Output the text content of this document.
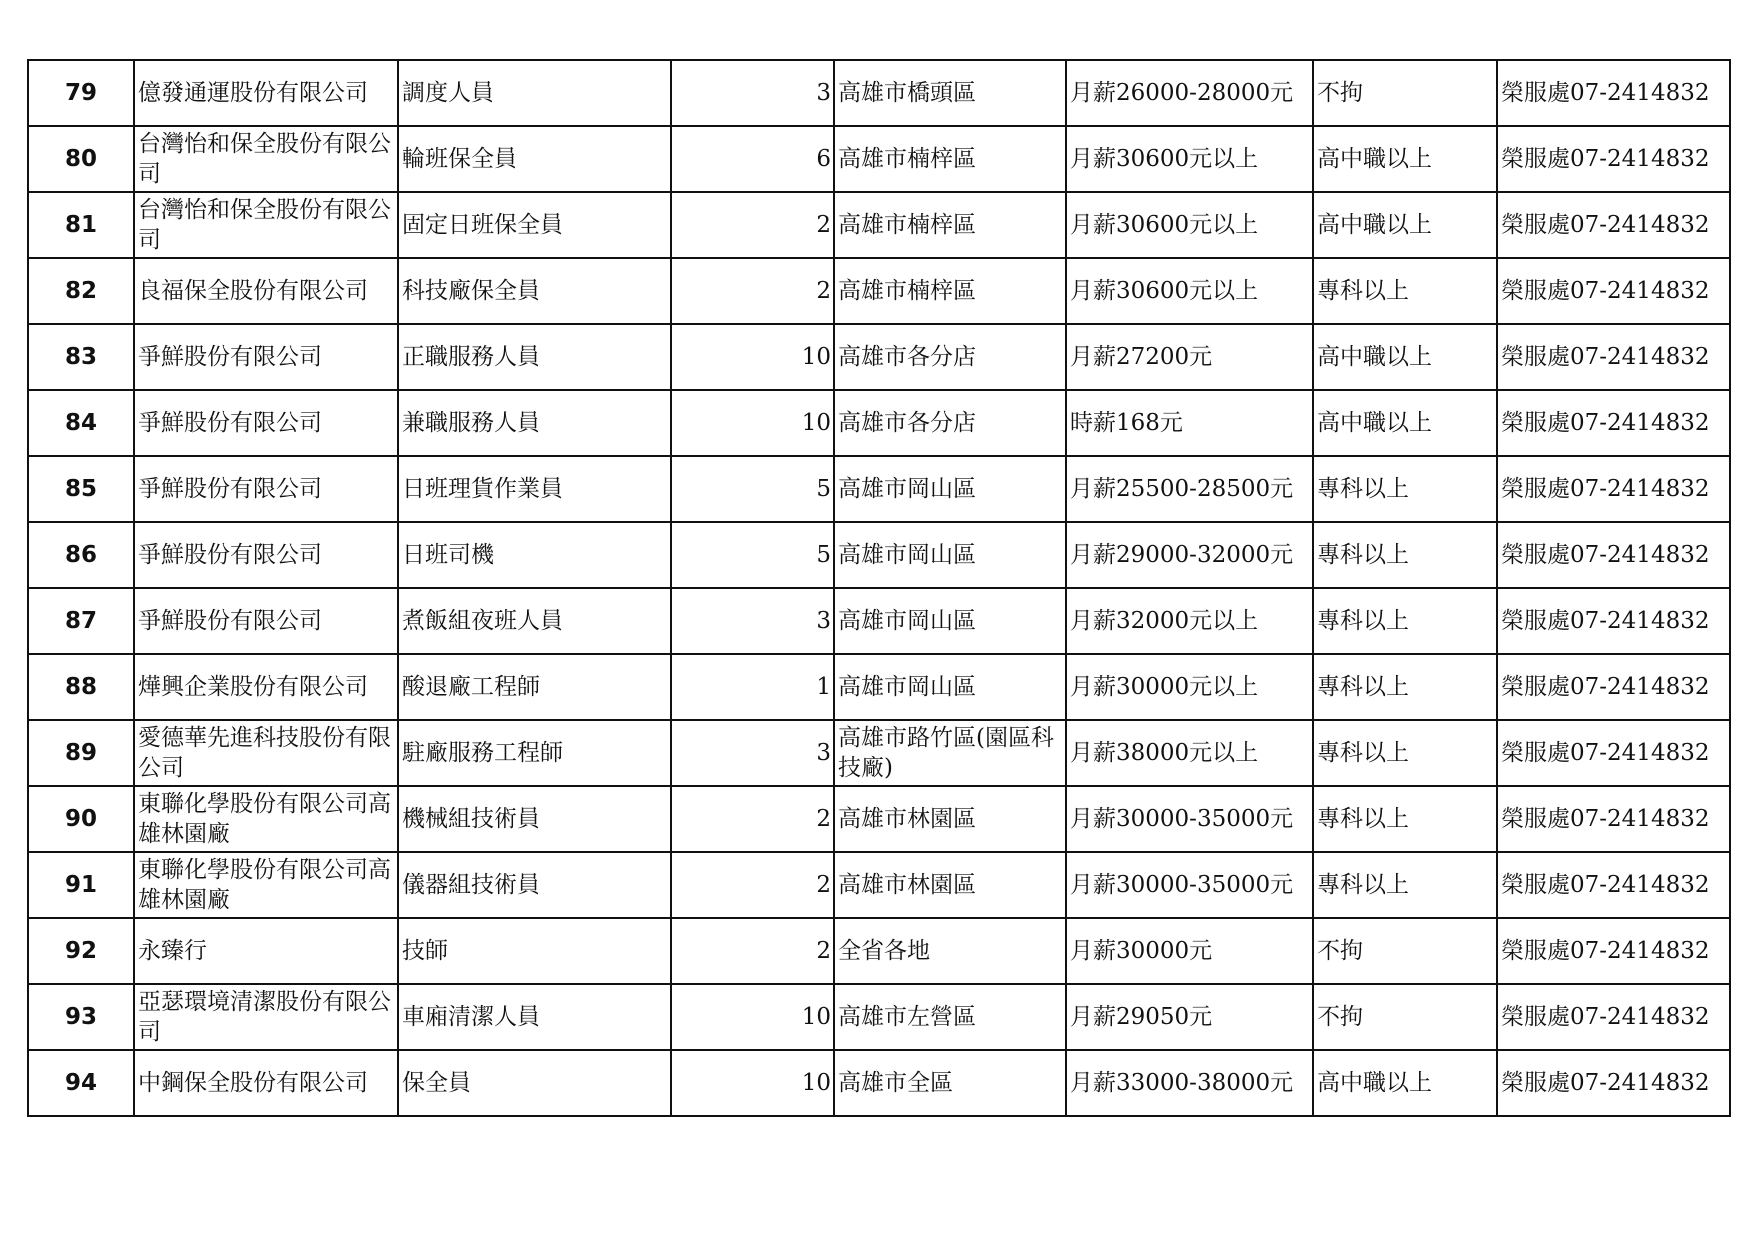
79	億發通運股份有限公司	調度人員	3	高雄市橋頭區	月薪26000-28000元	不拘	榮服處07-2414832
80	台灣怡和保全股份有限公司	輪班保全員	6	高雄市楠梓區	月薪30600元以上	高中職以上	榮服處07-2414832
81	台灣怡和保全股份有限公司	固定日班保全員	2	高雄市楠梓區	月薪30600元以上	高中職以上	榮服處07-2414832
82	良福保全股份有限公司	科技廠保全員	2	高雄市楠梓區	月薪30600元以上	專科以上	榮服處07-2414832
83	爭鮮股份有限公司	正職服務人員	10	高雄市各分店	月薪27200元	高中職以上	榮服處07-2414832
84	爭鮮股份有限公司	兼職服務人員	10	高雄市各分店	時薪168元	高中職以上	榮服處07-2414832
85	爭鮮股份有限公司	日班理貨作業員	5	高雄市岡山區	月薪25500-28500元	專科以上	榮服處07-2414832
86	爭鮮股份有限公司	日班司機	5	高雄市岡山區	月薪29000-32000元	專科以上	榮服處07-2414832
87	爭鮮股份有限公司	煮飯組夜班人員	3	高雄市岡山區	月薪32000元以上	專科以上	榮服處07-2414832
88	燁興企業股份有限公司	酸退廠工程師	1	高雄市岡山區	月薪30000元以上	專科以上	榮服處07-2414832
89	愛德華先進科技股份有限公司	駐廠服務工程師	3	高雄市路竹區(園區科技廠)	月薪38000元以上	專科以上	榮服處07-2414832
90	東聯化學股份有限公司高雄林園廠	機械組技術員	2	高雄市林園區	月薪30000-35000元	專科以上	榮服處07-2414832
91	東聯化學股份有限公司高雄林園廠	儀器組技術員	2	高雄市林園區	月薪30000-35000元	專科以上	榮服處07-2414832
92	永臻行	技師	2	全省各地	月薪30000元	不拘	榮服處07-2414832
93	亞瑟環境清潔股份有限公司	車廂清潔人員	10	高雄市左營區	月薪29050元	不拘	榮服處07-2414832
94	中鋼保全股份有限公司	保全員	10	高雄市全區	月薪33000-38000元	高中職以上	榮服處07-2414832
